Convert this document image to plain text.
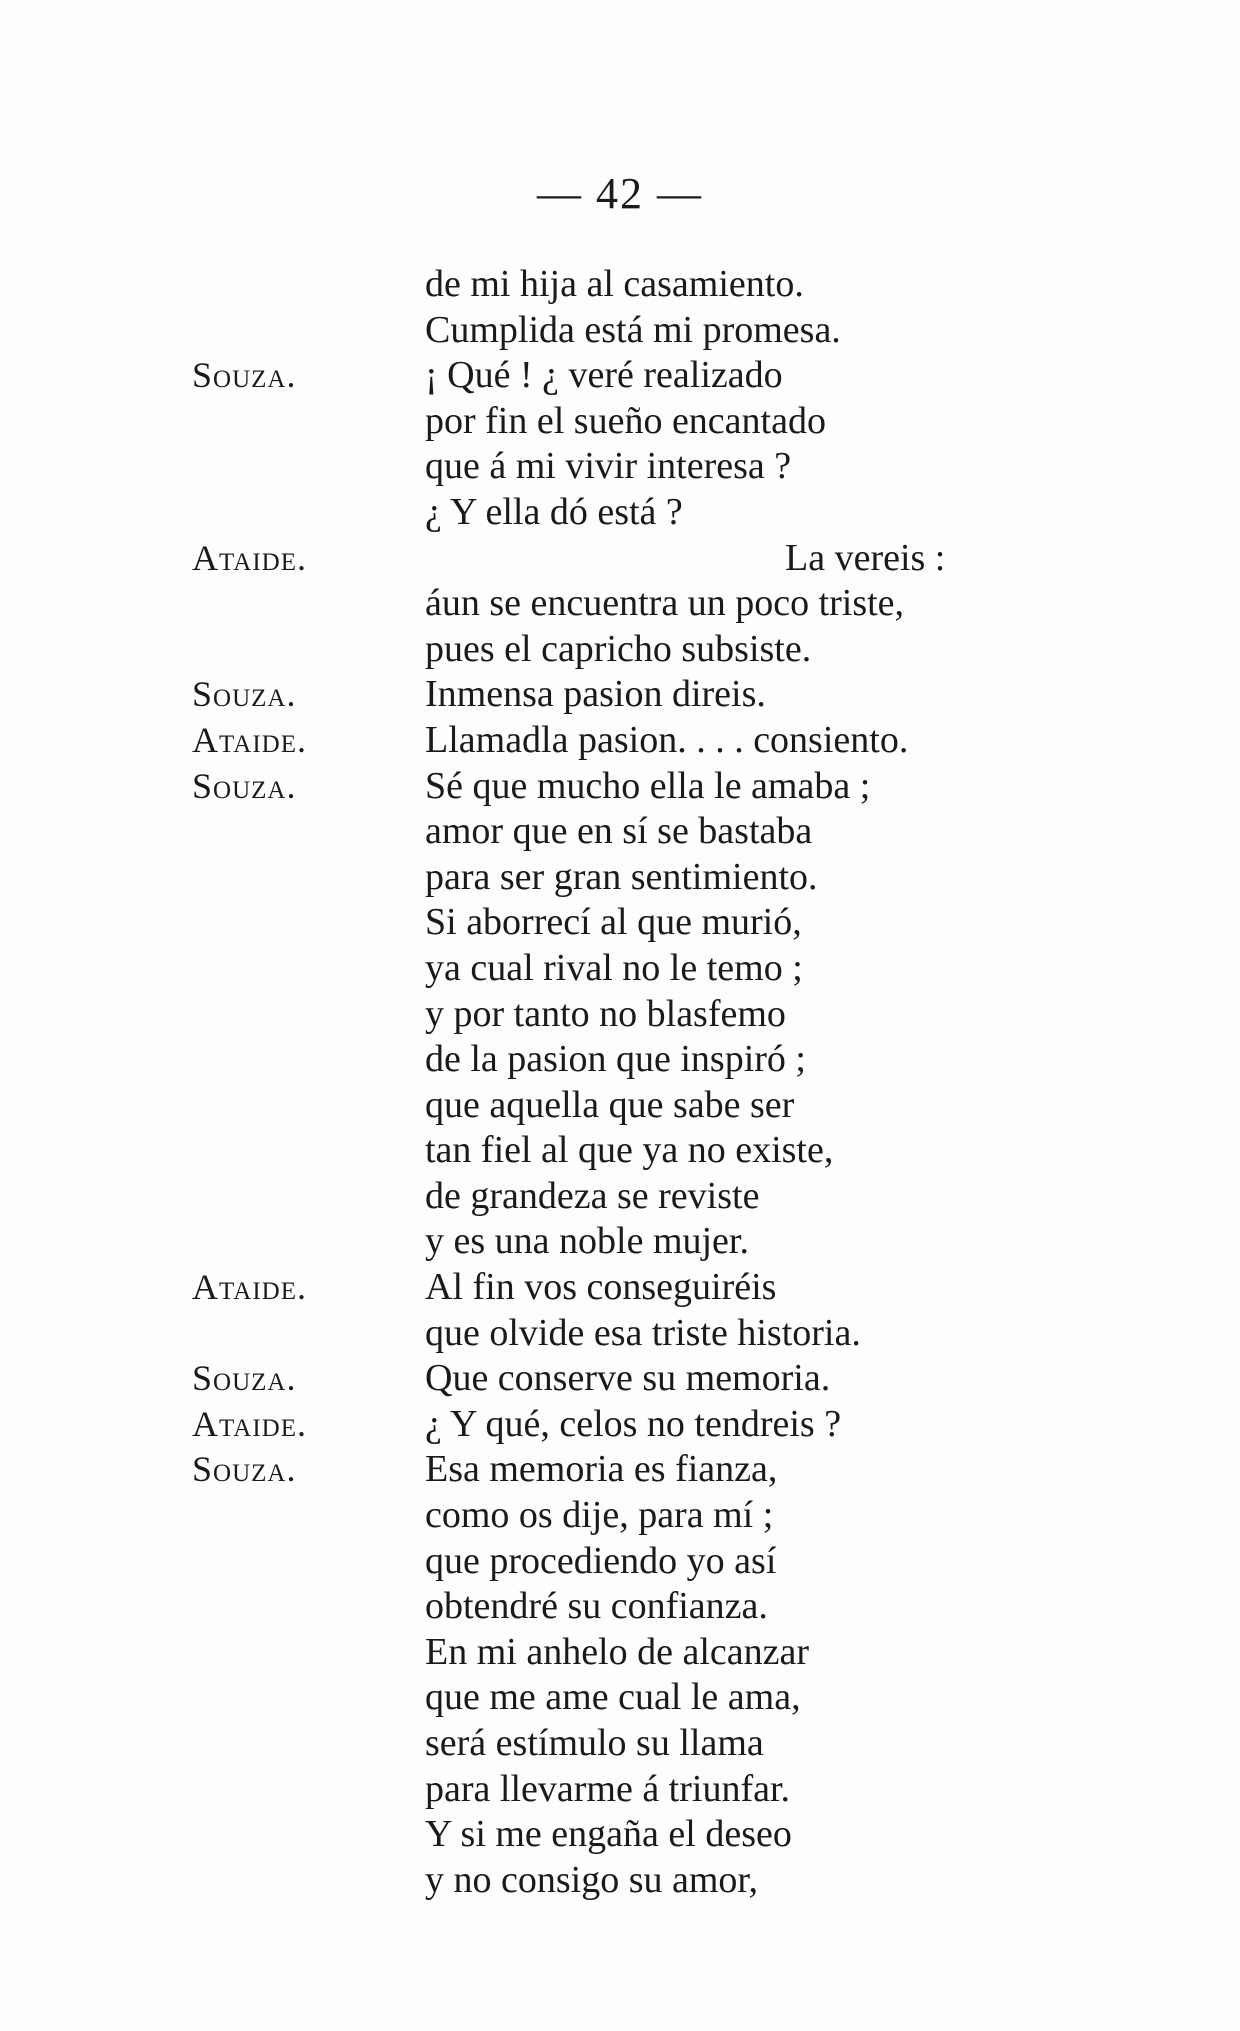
— 42 —
de mi hija al casamiento.
Cumplida está mi promesa.
Souza.	¡ Qué ! ¿ veré realizado
por fin el sueño encantado
que á mi vivir interesa ?
¿ Y ella dó está ?
Ataide.	La vereis :
áun se encuentra un poco triste,
pues el capricho subsiste.
Souza.	Inmensa pasion direis.
Ataide.	Llamadla pasion. . . . consiento.
Souza.	Sé que mucho ella le amaba ;
amor que en sí se bastaba
para ser gran sentimiento.
Si aborrecí al que murió,
ya cual rival no le temo ;
y por tanto no blasfemo
de la pasion que inspiró ;
que aquella que sabe ser
tan fiel al que ya no existe,
de grandeza se reviste
y es una noble mujer.
Ataide.	Al fin vos conseguiréis
que olvide esa triste historia.
Souza.	Que conserve su memoria.
Ataide.	¿ Y qué, celos no tendreis ?
Souza.	Esa memoria es fianza,
como os dije, para mí ;
que procediendo yo así
obtendré su confianza.
En mi anhelo de alcanzar
que me ame cual le ama,
será estímulo su llama
para llevarme á triunfar.
Y si me engaña el deseo
y no consigo su amor,
